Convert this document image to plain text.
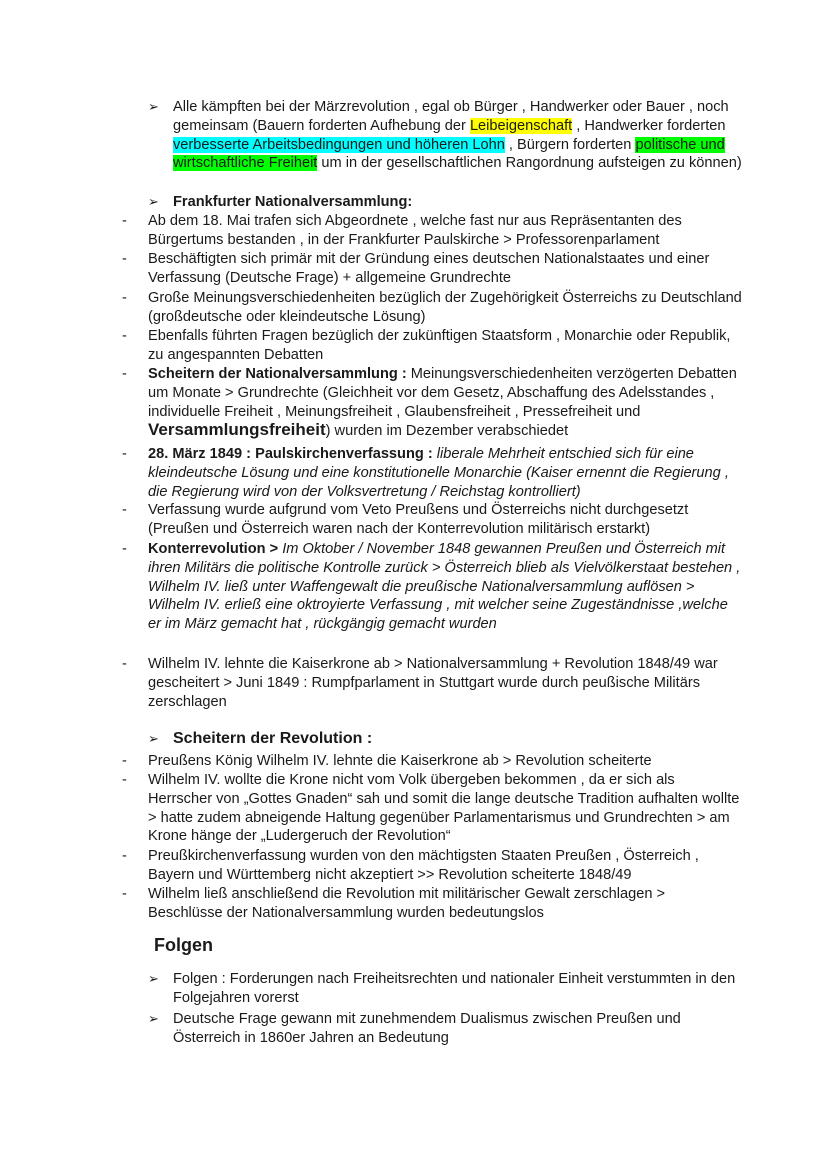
➢ Alle kämpften bei der Märzrevolution , egal ob Bürger , Handwerker oder Bauer , noch gemeinsam (Bauern forderten Aufhebung der Leibeigenschaft , Handwerker forderten verbesserte Arbeitsbedingungen und höheren Lohn , Bürgern forderten politische und wirtschaftliche Freiheit um in der gesellschaftlichen Rangordnung aufsteigen zu können)
➢ Frankfurter Nationalversammlung:
- Ab dem 18. Mai trafen sich Abgeordnete , welche fast nur aus Repräsentanten des Bürgertums bestanden , in der Frankfurter Paulskirche > Professorenparlament
- Beschäftigten sich primär mit der Gründung eines deutschen Nationalstaates und einer Verfassung (Deutsche Frage) + allgemeine Grundrechte
- Große Meinungsverschiedenheiten bezüglich der Zugehörigkeit Österreichs zu Deutschland (großdeutsche oder kleindeutsche Lösung)
- Ebenfalls führten Fragen bezüglich der zukünftigen Staatsform , Monarchie oder Republik, zu angespannten Debatten
- Scheitern der Nationalversammlung : Meinungsverschiedenheiten verzögerten Debatten um Monate > Grundrechte (Gleichheit vor dem Gesetz, Abschaffung des Adelsstandes , individuelle Freiheit , Meinungsfreiheit , Glaubensfreiheit , Pressefreiheit und Versammlungsfreiheit) wurden im Dezember verabschiedet
- 28. März 1849 : Paulskirchenverfassung : liberale Mehrheit entschied sich für eine kleindeutsche Lösung und eine konstitutionelle Monarchie (Kaiser ernennt die Regierung , die Regierung wird von der Volksvertretung / Reichstag kontrolliert)
- Verfassung wurde aufgrund vom Veto Preußens und Österreichs nicht durchgesetzt (Preußen und Österreich waren nach der Konterrevolution militärisch erstarkt)
- Konterrevolution > Im Oktober / November 1848 gewannen Preußen und Österreich mit ihren Militärs die politische Kontrolle zurück > Österreich blieb als Vielvölkerstaat bestehen , Wilhelm IV. ließ unter Waffengewalt die preußische Nationalversammlung auflösen > Wilhelm IV. erließ eine oktroyierte Verfassung , mit welcher seine Zugeständnisse ,welche er im März gemacht hat , rückgängig gemacht wurden
- Wilhelm IV. lehnte die Kaiserkrone ab > Nationalversammlung + Revolution 1848/49 war gescheitert > Juni 1849 : Rumpfparlament in Stuttgart wurde durch peußische Militärs zerschlagen
➢ Scheitern der Revolution :
- Preußens König Wilhelm IV. lehnte die Kaiserkrone ab > Revolution scheiterte
- Wilhelm IV. wollte die Krone nicht vom Volk übergeben bekommen , da er sich als Herrscher von „Gottes Gnaden“ sah und somit die lange deutsche Tradition aufhalten wollte > hatte zudem abneigende Haltung gegenüber Parlamentarismus und Grundrechten > am Krone hänge der „Ludergeruch der Revolution“
- Preußkirchenverfassung wurden von den mächtigsten Staaten Preußen , Österreich , Bayern und Württemberg nicht akzeptiert >> Revolution scheiterte 1848/49
- Wilhelm ließ anschließend die Revolution mit militärischer Gewalt zerschlagen > Beschlüsse der Nationalversammlung wurden bedeutungslos
Folgen
➢ Folgen : Forderungen nach Freiheitsrechten und nationaler Einheit verstummten in den Folgejahren vorerst
➢ Deutsche Frage gewann mit zunehmendem Dualismus zwischen Preußen und Österreich in 1860er Jahren an Bedeutung
